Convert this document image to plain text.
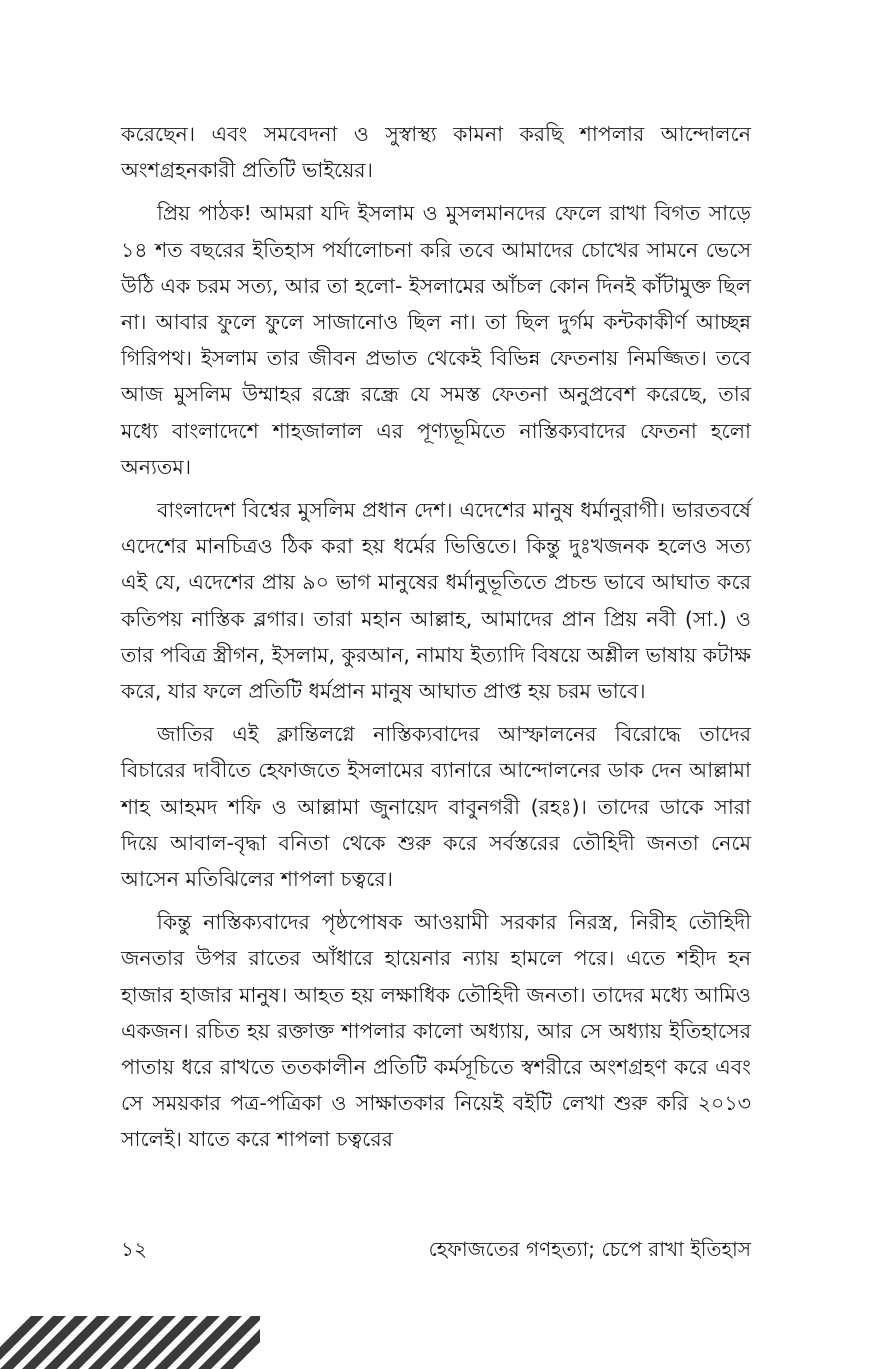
করেছেন। এবং সমবেদনা ও সুস্বাস্থ্য কামনা করছি শাপলার আন্দোলনে অংশগ্রহনকারী প্রতিটি ভাইয়ের।

প্রিয় পাঠক! আমরা যদি ইসলাম ও মুসলমানদের ফেলে রাখা বিগত সাড়ে ১৪ শত বছরের ইতিহাস পর্যালোচনা করি তবে আমাদের চোখের সামনে ভেসে উঠি এক চরম সত্য, আর তা হলো- ইসলামের আঁচল কোন দিনই কাঁটামুক্ত ছিল না। আবার ফুলে ফুলে সাজানোও ছিল না। তা ছিল দুর্গম কন্টকাকীর্ণ আচ্ছন্ন গিরিপথ। ইসলাম তার জীবন প্রভাত থেকেই বিভিন্ন ফেতনায় নিমজ্জিত। তবে আজ মুসলিম উম্মাহর রন্ধ্রে রন্ধ্রে যে সমস্ত ফেতনা অনুপ্রবেশ করেছে, তার মধ্যে বাংলাদেশে শাহজালাল এর পূণ্যভূমিতে নাস্তিক্যবাদের ফেতনা হলো অন্যতম।

বাংলাদেশ বিশ্বের মুসলিম প্রধান দেশ। এদেশের মানুষ ধর্মানুরাগী। ভারতবর্ষে এদেশের মানচিত্রও ঠিক করা হয় ধর্মের ভিত্তিতে। কিন্তু দুঃখজনক হলেও সত্য এই যে, এদেশের প্রায় ৯০ ভাগ মানুষের ধর্মানুভূতিতে প্রচন্ড ভাবে আঘাত করে কতিপয় নাস্তিক ব্লগার। তারা মহান আল্লাহ, আমাদের প্রান প্রিয় নবী (সা.) ও তার পবিত্র স্ত্রীগন, ইসলাম, কুরআন, নামায ইত্যাদি বিষয়ে অশ্লীল ভাষায় কটাক্ষ করে, যার ফলে প্রতিটি ধর্মপ্রান মানুষ আঘাত প্রাপ্ত হয় চরম ভাবে।

জাতির এই ক্লান্তিলগ্নে নাস্তিক্যবাদের আস্ফালনের বিরোদ্ধে তাদের বিচারের দাবীতে হেফাজতে ইসলামের ব্যানারে আন্দোলনের ডাক দেন আল্লামা শাহ আহমদ শফি ও আল্লামা জুনায়েদ বাবুনগরী (রহঃ)। তাদের ডাকে সারা দিয়ে আবাল-বৃদ্ধা বনিতা থেকে শুরু করে সর্বস্তরের তৌহিদী জনতা নেমে আসেন মতিঝিলের শাপলা চত্বরে।

কিন্তু নাস্তিক্যবাদের পৃষ্ঠপোষক আওয়ামী সরকার নিরস্ত্র, নিরীহ তৌহিদী জনতার উপর রাতের আঁধারে হায়েনার ন্যায় হামলে পরে। এতে শহীদ হন হাজার হাজার মানুষ। আহত হয় লক্ষাধিক তৌহিদী জনতা। তাদের মধ্যে আমিও একজন। রচিত হয় রক্তাক্ত শাপলার কালো অধ্যায়, আর সে অধ্যায় ইতিহাসের পাতায় ধরে রাখতে ততকালীন প্রতিটি কর্মসূচিতে স্বশরীরে অংশগ্রহণ করে এবং সে সময়কার পত্র-পত্রিকা ও সাক্ষাতকার নিয়েই বইটি লেখা শুরু করি ২০১৩ সালেই। যাতে করে শাপলা চত্বরের

১২	হেফাজতের গণহত্যা; চেপে রাখা ইতিহাস
